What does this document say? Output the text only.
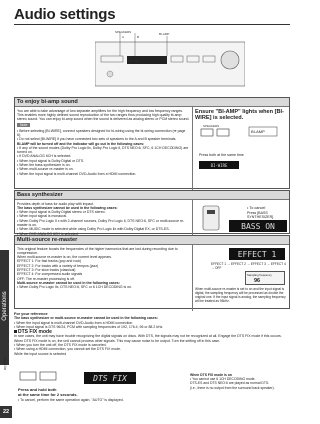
Audio settings
SPEAKERS
A	B
BI-AMP
BI-AMP
Operations
To enjoy bi-amp sound
You are able to take advantage of two separate amplifiers for the high frequency and low frequency ranges. This enables more highly defined sound reproduction of the two ranges thus producing high quality bi-amp stereo sound. You can enjoy bi-amp sound when the sound is delivered as analog stereo or PCM stereo sound.
Note
• Before selecting [BI-WIRE], connect speakers designed for bi-wiring using the bi-wiring connection (➡ page 6).
• Do not select [BI-WIRE] if you have connected two sets of speakers to the A and B speaker terminals.
BI-AMP will be turned off and the indicator will go out in the following cases:
• If any of the sound modes (Dolby Pro Logic Ⅱx, Dolby Pro Logic Ⅱ, DTS NEO:6, SFC, 6 1CH DECODING) are turned on.
• If DVD ANALOG 6CH is selected.
• When input signal is Dolby Digital or DTS.
• When the bass synthesizer is on.
• When multi-source re-master is on.
• When the input signal is multi-channel DVD-Audio from a HDMI connection.
Ensure "BI-AMP" lights when [BI-WIRE] is selected.
SPEAKERS
BI-AMP
Press both at the same time
BI-WIRE
Bass synthesizer
Provides depth of bass for audio play with impact.
The bass synthesizer cannot be used in the following cases:
• When input signal is Dolby Digital stereo or DTS stereo.
• When input signal is monaural.
• When Dolby Pro Logic Ⅱ x with 2-channel sources, Dolby Pro Logic Ⅱ, DTS NEO:6, SFC or multi-source re-master is on.
• When MUSIC mode is selected while using Dolby Pro Logic Ⅱx with Dolby Digital EX, or DTS-ES.
• When DVD ANALOG 6CH is selected.
• To cancel
Press [BASS SYNTHESIZER].
BASS ON
Multi-source re-master
This original feature boosts the frequencies of the higher harmonics that are lost during recording due to compression.
When multi-source re-master is on, the current level appears.
EFFECT 1: For fast tracks (pop and rock)
EFFECT 2: For tracks with a variety of tempos (jazz)
EFFECT 3: For slow tracks (classical)
EFFECT 4: For compressed audio signals
OFF: The re-master processing is off.
Multi-source re-master cannot be used in the following cases:
• When Dolby Pro Logic Ⅱx, DTS NEO:6, SFC or 6 1CH DECODING is on.
EFFECT 1
EFFECT 1 → EFFECT 2 → EFFECT 3 → EFFECT 4 → OFF
Sampling frequency
96
When multi-source re-master is set to on and the input signal is digital, the sampling frequency will be processed as double the original one. If the input signal is analog, the sampling frequency will be treated as 96kHz.
For your reference
The bass synthesizer or multi-source re-master cannot be used in the following cases:
• When the input signal is multi-channel DVD-Audio from a HDMI connection
• When input signal is DTS 96/24, PCM with sampling frequencies of 192, 176.4, 96 or 88.2 kHz.
DTS FIX mode
In rare cases, the unit may have trouble recognizing the digital signals on discs. With DTS, the signals may not be recognized at all. Engage the DTS FIX mode if this occurs. When DTS FIX mode is on, the unit cannot process other signals. This may cause noise to be output. Turn the setting off in this case.
• When you turn the unit off, the DTS FIX mode is canceled.
• When using a HDMI connection, you cannot set the DTS FIX mode.
While the input source is selected
DTS FIX
Press and hold both
at the same time for 2 seconds.
• To cancel, perform the same operation again. "AUTO" is displayed.
When DTS FIX mode is on
• You cannot use 6 1CH DECODING mode.
DTS-ES and DTS NEO:6 are played as normal DTS.
(i.e., there is no output from the surround back speaker).
RQT7525
22
